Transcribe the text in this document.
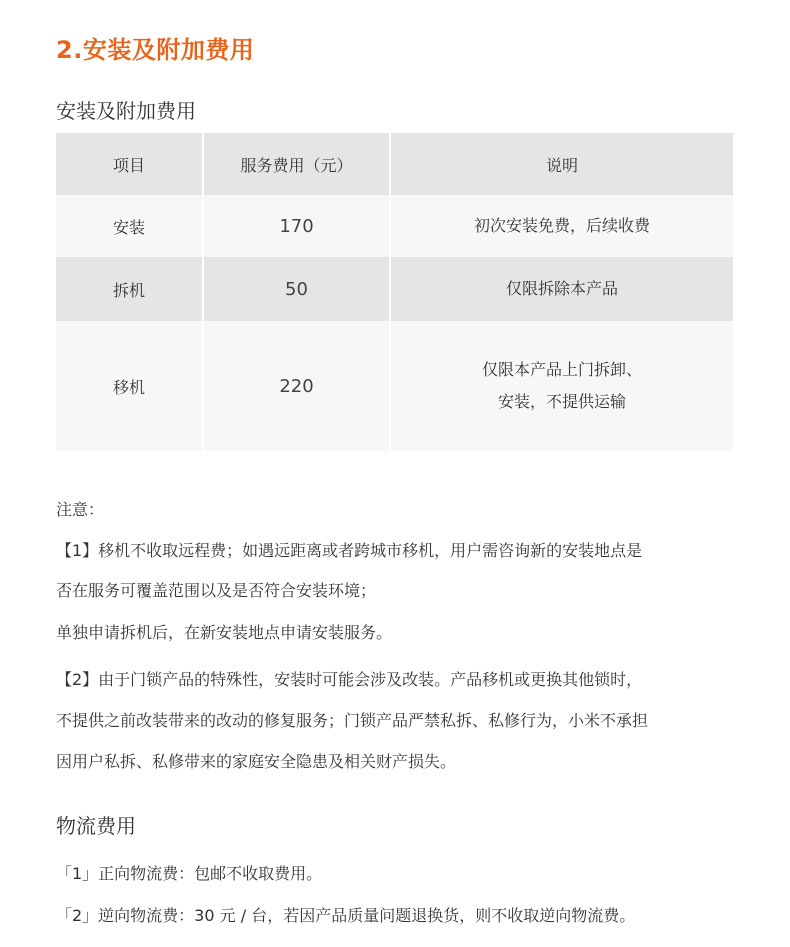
2.安装及附加费用
安装及附加费用
项目	服务费用（元）	说明
安装	170	初次安装免费，后续收费

拆机	50	仅限拆除本产品

移机	220	仅限本产品上门拆卸、
安装，不提供运输
注意：
【1】移机不收取远程费；如遇远距离或者跨城市移机，用户需咨询新的安装地点是
否在服务可覆盖范围以及是否符合安装环境；
单独申请拆机后，在新安装地点申请安装服务。
【2】由于门锁产品的特殊性，安装时可能会涉及改装。产品移机或更换其他锁时，
不提供之前改装带来的改动的修复服务；门锁产品严禁私拆、私修行为，小米不承担
因用户私拆、私修带来的家庭安全隐患及相关财产损失。
物流费用
「1」正向物流费：包邮不收取费用。
「2」逆向物流费：30 元 / 台，若因产品质量问题退换货，则不收取逆向物流费。
